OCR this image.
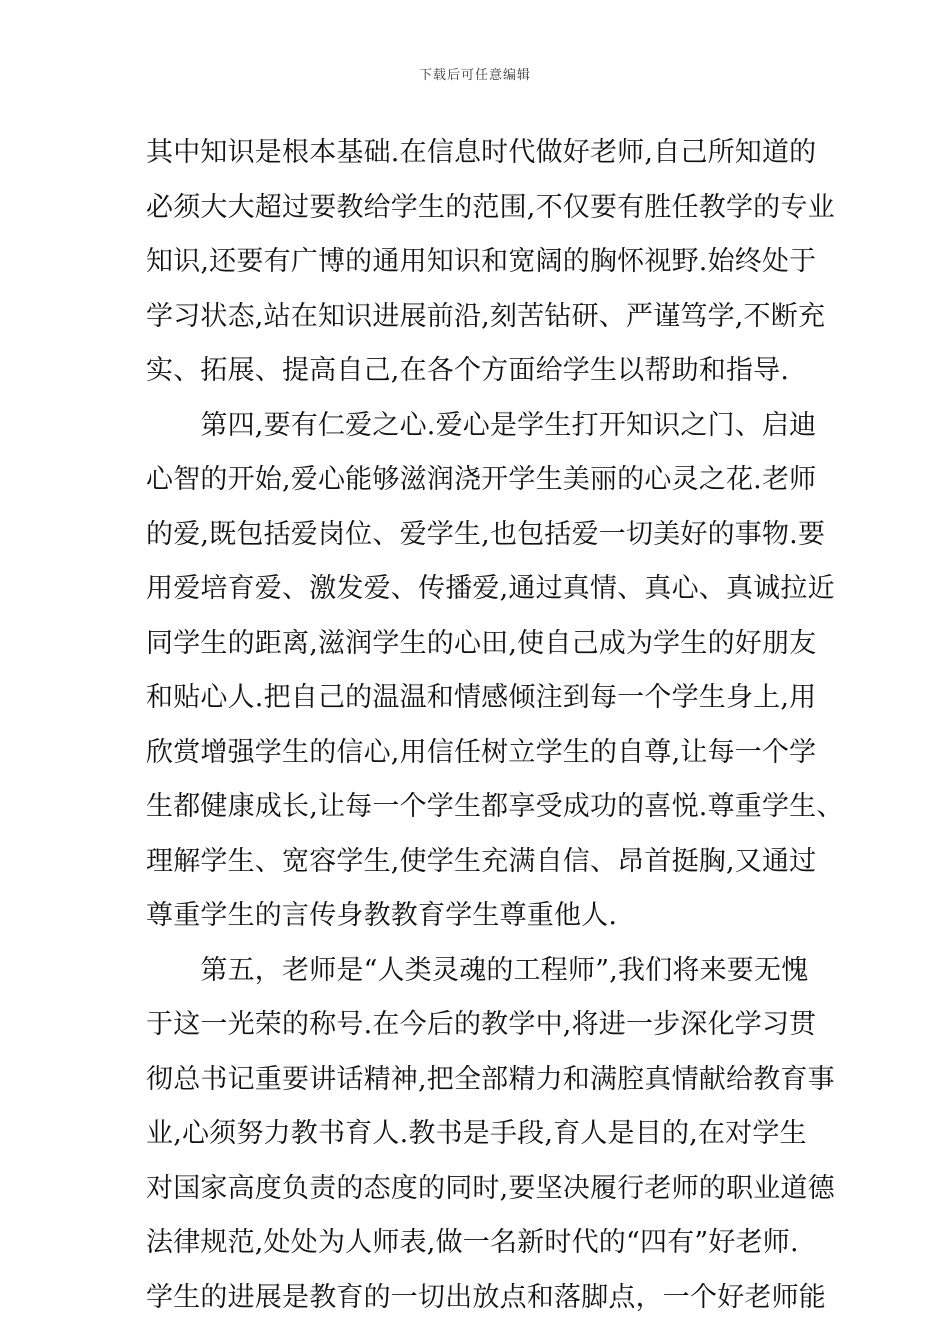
下载后可任意编辑
其中知识是根本基础.在信息时代做好老师,自己所知道的
必须大大超过要教给学生的范围,不仅要有胜任教学的专业
知识,还要有广博的通用知识和宽阔的胸怀视野.始终处于
学习状态,站在知识进展前沿,刻苦钻研、严谨笃学,不断充
实、拓展、提高自己,在各个方面给学生以帮助和指导.
　　第四,要有仁爱之心.爱心是学生打开知识之门、启迪
心智的开始,爱心能够滋润浇开学生美丽的心灵之花.老师
的爱,既包括爱岗位、爱学生,也包括爱一切美好的事物.要
用爱培育爱、激发爱、传播爱,通过真情、真心、真诚拉近
同学生的距离,滋润学生的心田,使自己成为学生的好朋友
和贴心人.把自己的温温和情感倾注到每一个学生身上,用
欣赏增强学生的信心,用信任树立学生的自尊,让每一个学
生都健康成长,让每一个学生都享受成功的喜悦.尊重学生、
理解学生、宽容学生,使学生充满自信、昂首挺胸,又通过
尊重学生的言传身教教育学生尊重他人.
　　第五，老师是“人类灵魂的工程师”,我们将来要无愧
于这一光荣的称号.在今后的教学中,将进一步深化学习贯
彻总书记重要讲话精神,把全部精力和满腔真情献给教育事
业,心须努力教书育人.教书是手段,育人是目的,在对学生
对国家高度负责的态度的同时,要坚决履行老师的职业道德
法律规范,处处为人师表,做一名新时代的“四有”好老师.
学生的进展是教育的一切出放点和落脚点，一个好老师能
